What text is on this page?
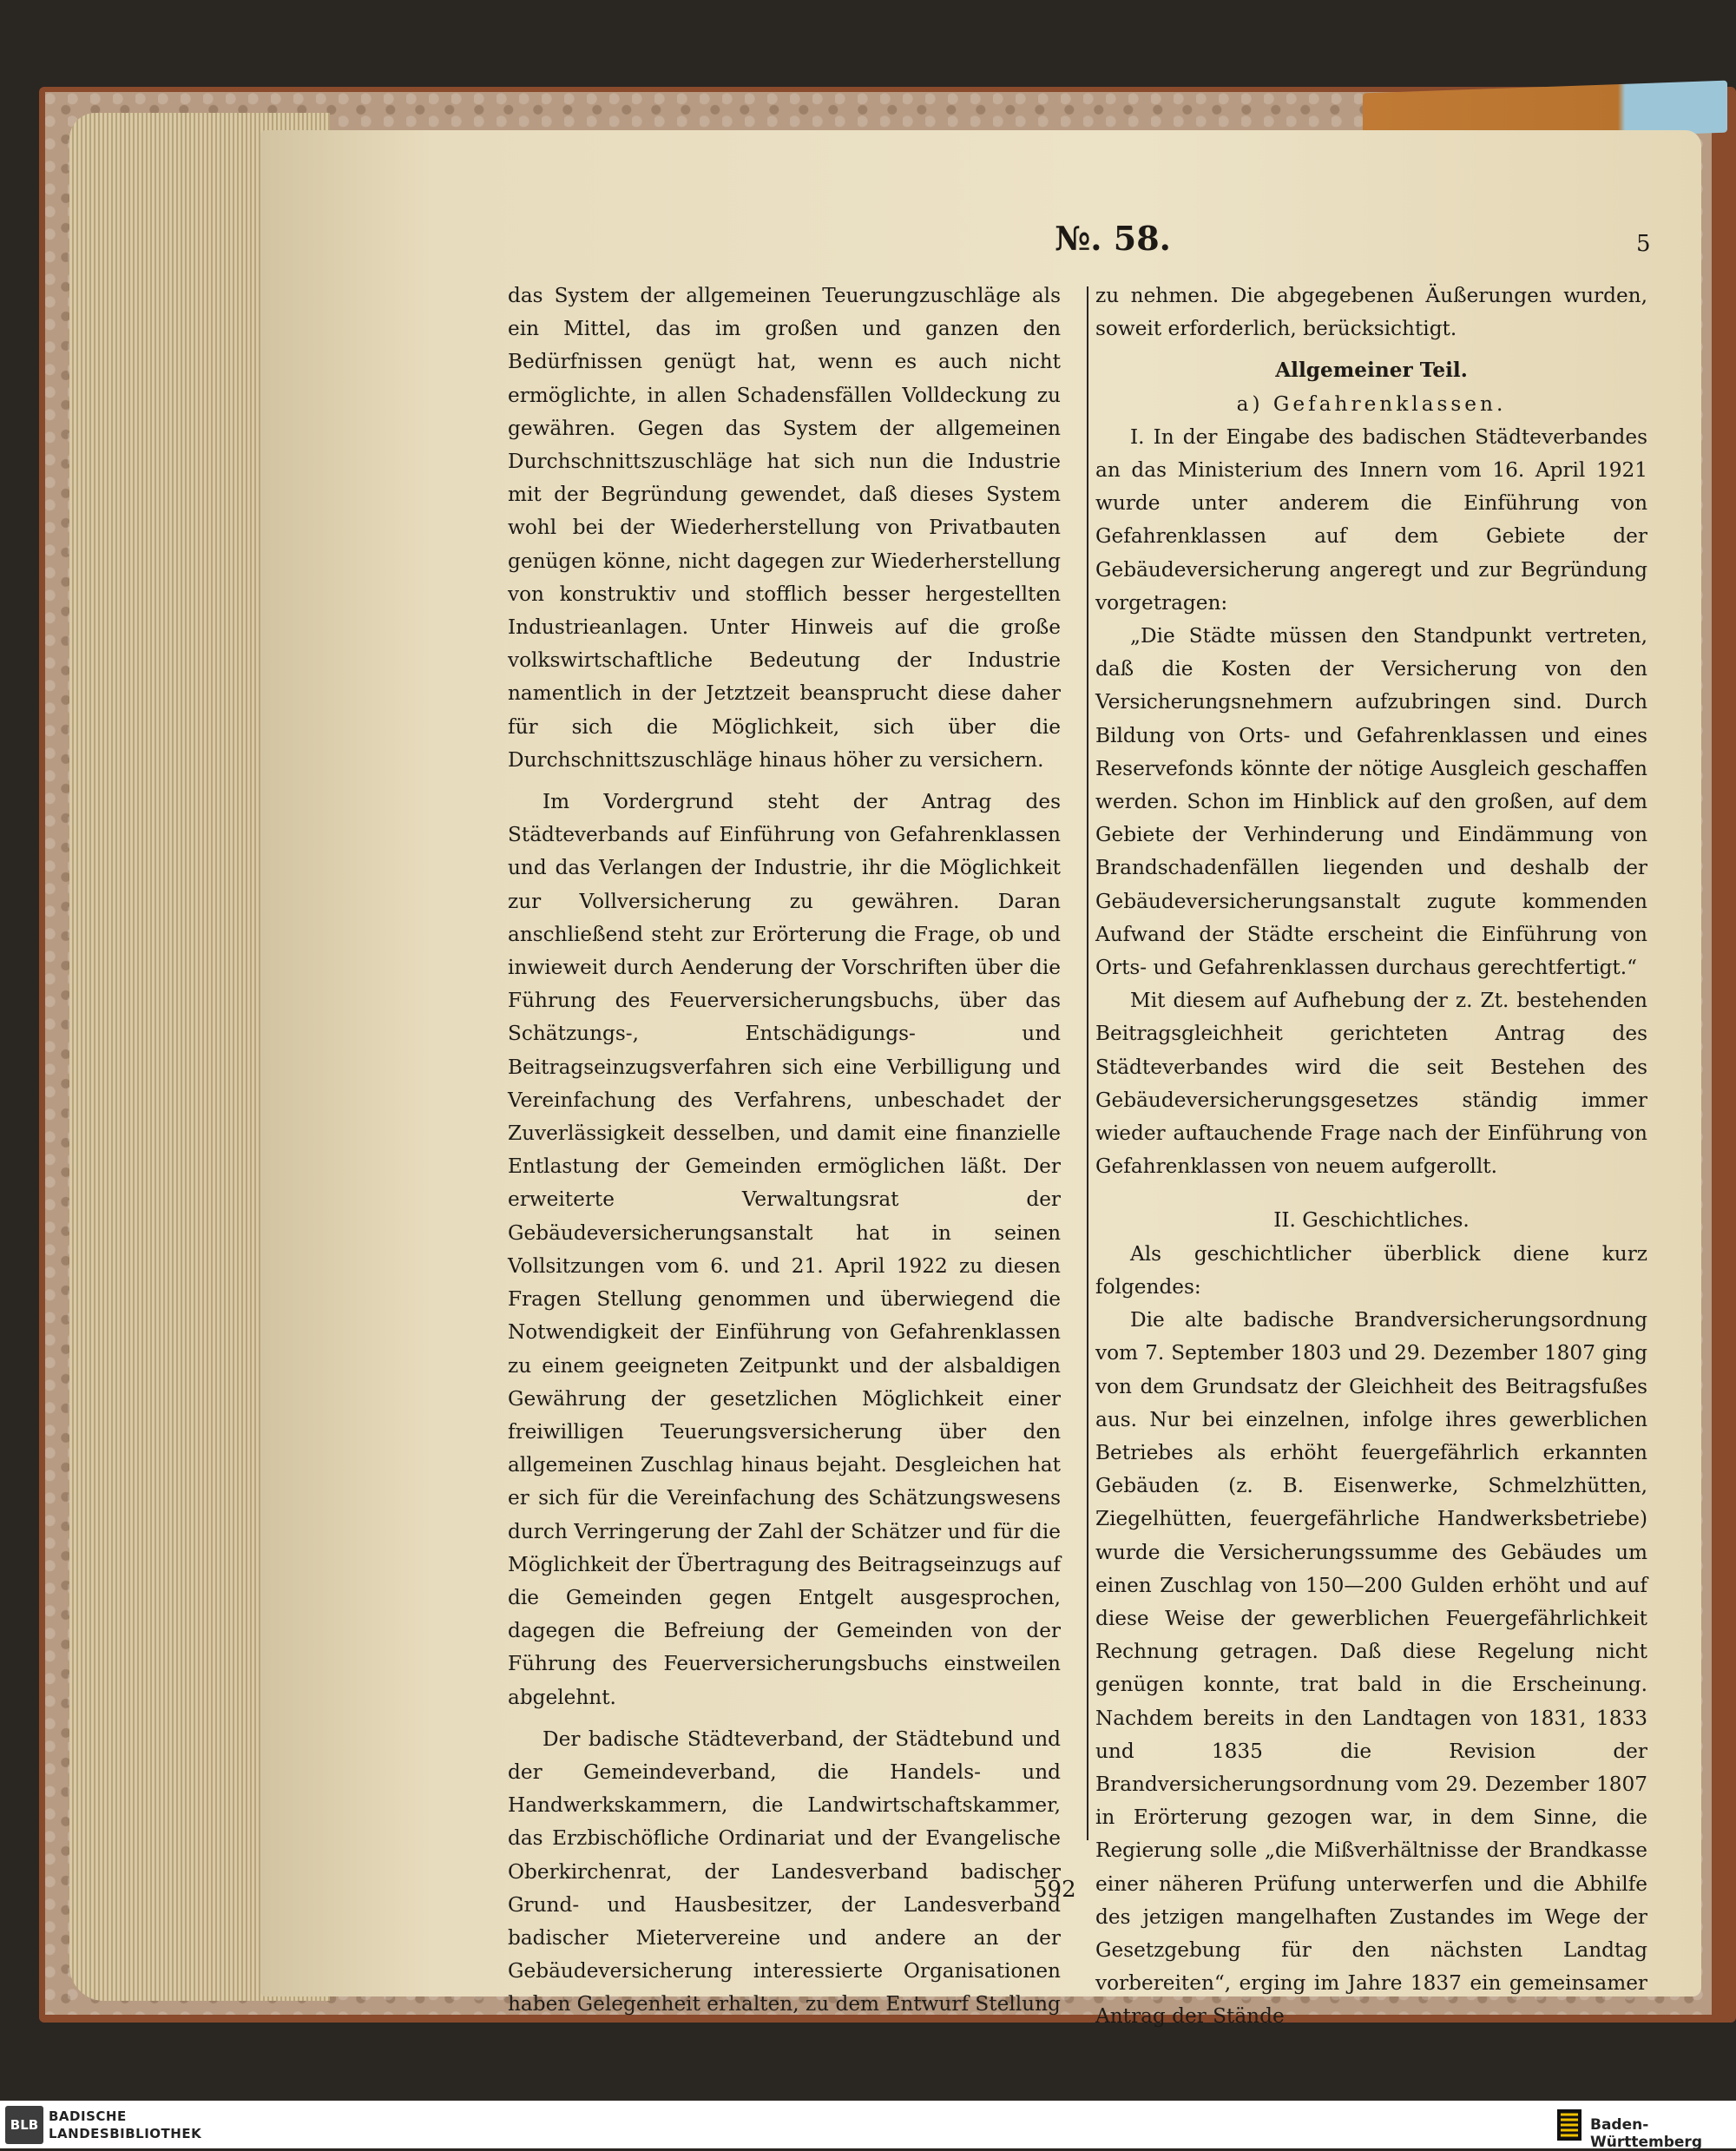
№. 58.	5

das System der allgemeinen Teuerungzuschläge als ein Mittel, das im großen und ganzen den Bedürfnissen genügt hat, wenn es auch nicht ermöglichte, in allen Schadensfällen Volldeckung zu gewähren. Gegen das System der allgemeinen Durchschnittszuschläge hat sich nun die Industrie mit der Begründung gewendet, daß dieses System wohl bei der Wiederherstellung von Privatbauten genügen könne, nicht dagegen zur Wiederherstellung von konstruktiv und stofflich besser hergestellten Industrieanlagen. Unter Hinweis auf die große volkswirtschaftliche Bedeutung der Industrie namentlich in der Jetztzeit beansprucht diese daher für sich die Möglichkeit, sich über die Durchschnittszuschläge hinaus höher zu versichern.

Im Vordergrund steht der Antrag des Städteverbands auf Einführung von Gefahrenklassen und das Verlangen der Industrie, ihr die Möglichkeit zur Vollversicherung zu gewähren. Daran anschließend steht zur Erörterung die Frage, ob und inwieweit durch Aenderung der Vorschriften über die Führung des Feuerversicherungsbuchs, über das Schätzungs-, Entschädigungs- und Beitragseinzugsverfahren sich eine Verbilligung und Vereinfachung des Verfahrens, unbeschadet der Zuverlässigkeit desselben, und damit eine finanzielle Entlastung der Gemeinden ermöglichen läßt. Der erweiterte Verwaltungsrat der Gebäudeversicherungsanstalt hat in seinen Vollsitzungen vom 6. und 21. April 1922 zu diesen Fragen Stellung genommen und überwiegend die Notwendigkeit der Einführung von Gefahrenklassen zu einem geeigneten Zeitpunkt und der alsbaldigen Gewährung der gesetzlichen Möglichkeit einer freiwilligen Teuerungsversicherung über den allgemeinen Zuschlag hinaus bejaht. Desgleichen hat er sich für die Vereinfachung des Schätzungswesens durch Verringerung der Zahl der Schätzer und für die Möglichkeit der Übertragung des Beitragseinzugs auf die Gemeinden gegen Entgelt ausgesprochen, dagegen die Befreiung der Gemeinden von der Führung des Feuerversicherungsbuchs einstweilen abgelehnt.

Der badische Städteverband, der Städtebund und der Gemeindeverband, die Handels- und Handwerkskammern, die Landwirtschaftskammer, das Erzbischöfliche Ordinariat und der Evangelische Oberkirchenrat, der Landesverband badischer Grund- und Hausbesitzer, der Landesverband badischer Mietervereine und andere an der Gebäudeversicherung interessierte Organisationen haben Gelegenheit erhalten, zu dem Entwurf Stellung

zu nehmen. Die abgegebenen Äußerungen wurden, soweit erforderlich, berücksichtigt.

Allgemeiner Teil.

a) Gefahrenklassen.

I. In der Eingabe des badischen Städteverbandes an das Ministerium des Innern vom 16. April 1921 wurde unter anderem die Einführung von Gefahrenklassen auf dem Gebiete der Gebäudeversicherung angeregt und zur Begründung vorgetragen:

„Die Städte müssen den Standpunkt vertreten, daß die Kosten der Versicherung von den Versicherungsnehmern aufzubringen sind. Durch Bildung von Orts- und Gefahrenklassen und eines Reservefonds könnte der nötige Ausgleich geschaffen werden. Schon im Hinblick auf den großen, auf dem Gebiete der Verhinderung und Eindämmung von Brandschadenfällen liegenden und deshalb der Gebäudeversicherungsanstalt zugute kommenden Aufwand der Städte erscheint die Einführung von Orts- und Gefahrenklassen durchaus gerechtfertigt.“

Mit diesem auf Aufhebung der z. Zt. bestehenden Beitragsgleichheit gerichteten Antrag des Städteverbandes wird die seit Bestehen des Gebäudeversicherungsgesetzes ständig immer wieder auftauchende Frage nach der Einführung von Gefahrenklassen von neuem aufgerollt.

II. Geschichtliches.

Als geschichtlicher überblick diene kurz folgendes:

Die alte badische Brandversicherungsordnung vom 7. September 1803 und 29. Dezember 1807 ging von dem Grundsatz der Gleichheit des Beitragsfußes aus. Nur bei einzelnen, infolge ihres gewerblichen Betriebes als erhöht feuergefährlich erkannten Gebäuden (z. B. Eisenwerke, Schmelzhütten, Ziegelhütten, feuergefährliche Handwerksbetriebe) wurde die Versicherungssumme des Gebäudes um einen Zuschlag von 150—200 Gulden erhöht und auf diese Weise der gewerblichen Feuergefährlichkeit Rechnung getragen. Daß diese Regelung nicht genügen konnte, trat bald in die Erscheinung. Nachdem bereits in den Landtagen von 1831, 1833 und 1835 die Revision der Brandversicherungsordnung vom 29. Dezember 1807 in Erörterung gezogen war, in dem Sinne, die Regierung solle „die Mißverhältnisse der Brandkasse einer näheren Prüfung unterwerfen und die Abhilfe des jetzigen mangelhaften Zustandes im Wege der Gesetzgebung für den nächsten Landtag vorbereiten“, erging im Jahre 1837 ein gemeinsamer Antrag der Stände

592

BLB

BADISCHE

LANDESBIBLIOTHEK	Baden-Württemberg
